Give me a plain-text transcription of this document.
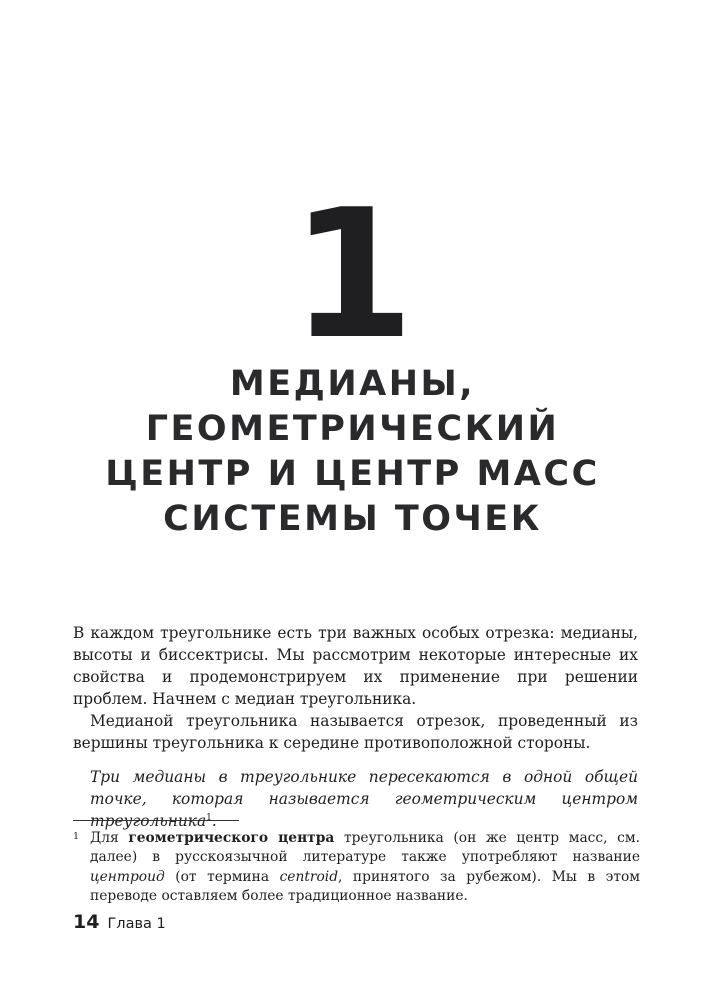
1
МЕДИАНЫ,
ГЕОМЕТРИЧЕСКИЙ
ЦЕНТР И ЦЕНТР МАСС
СИСТЕМЫ ТОЧЕК

В каждом треугольнике есть три важных особых отрезка: медианы, высоты и биссектрисы. Мы рассмотрим некоторые интересные их свойства и продемонстрируем их применение при решении проблем. Начнем с медиан треугольника.

Медианой треугольника называется отрезок, проведенный из вершины треугольника к середине противоположной стороны.

Три медианы в треугольнике пересекаются в одной общей точке, которая называется геометрическим центром треугольника$^1$.

1 Для геометрического центра треугольника (он же центр масс, см. далее) в русскоязычной литературе также употребляют название центроид (от термина centroid, принятого за рубежом). Мы в этом переводе оставляем более традиционное название.
14 Глава 1
